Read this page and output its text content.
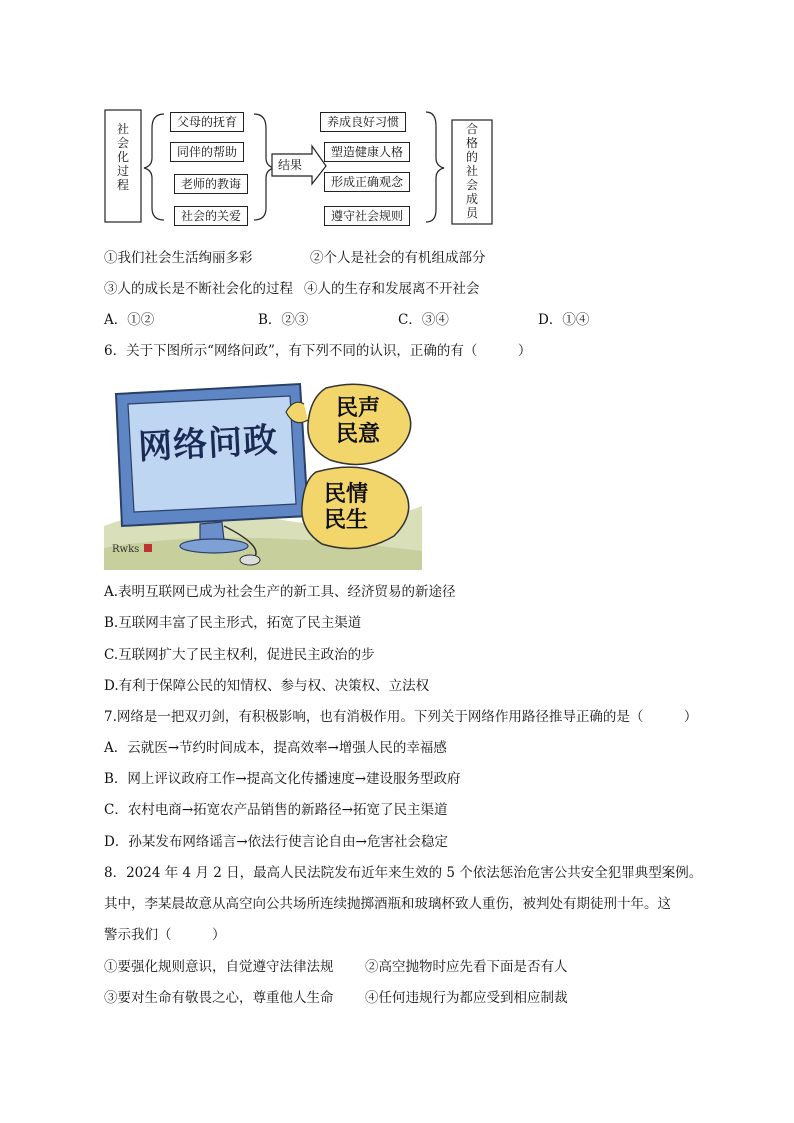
社会化过程
父母的抚育
同伴的帮助
老师的教诲
社会的关爱
结果
养成良好习惯
塑造健康人格
形成正确观念
遵守社会规则
合格的社会成员
①我们社会生活绚丽多彩	②个人是社会的有机组成部分
③人的成长是不断社会化的过程 ④人的生存和发展离不开社会
A．①②	B．②③	C．③④	D．①④
6．关于下图所示“网络问政”，有下列不同的认识，正确的有（　　　）
Rwks
网络问政
民声
民意
民情
民生
A.表明互联网已成为社会生产的新工具、经济贸易的新途径
B.互联网丰富了民主形式，拓宽了民主渠道
C.互联网扩大了民主权利，促进民主政治的步
D.有利于保障公民的知情权、参与权、决策权、立法权
7.网络是一把双刃剑，有积极影响，也有消极作用。下列关于网络作用路径推导正确的是（　　　）
A．云就医→节约时间成本，提高效率→增强人民的幸福感
B．网上评议政府工作→提高文化传播速度→建设服务型政府
C．农村电商→拓宽农产品销售的新路径→拓宽了民主渠道
D．孙某发布网络谣言→依法行使言论自由→危害社会稳定
8．2024 年 4 月 2 日，最高人民法院发布近年来生效的 5 个依法惩治危害公共安全犯罪典型案例。
其中，李某晨故意从高空向公共场所连续抛掷酒瓶和玻璃杯致人重伤，被判处有期徒刑十年。这
警示我们（　　　）
①要强化规则意识，自觉遵守法律法规 ②高空抛物时应先看下面是否有人
③要对生命有敬畏之心，尊重他人生命 ④任何违规行为都应受到相应制裁
